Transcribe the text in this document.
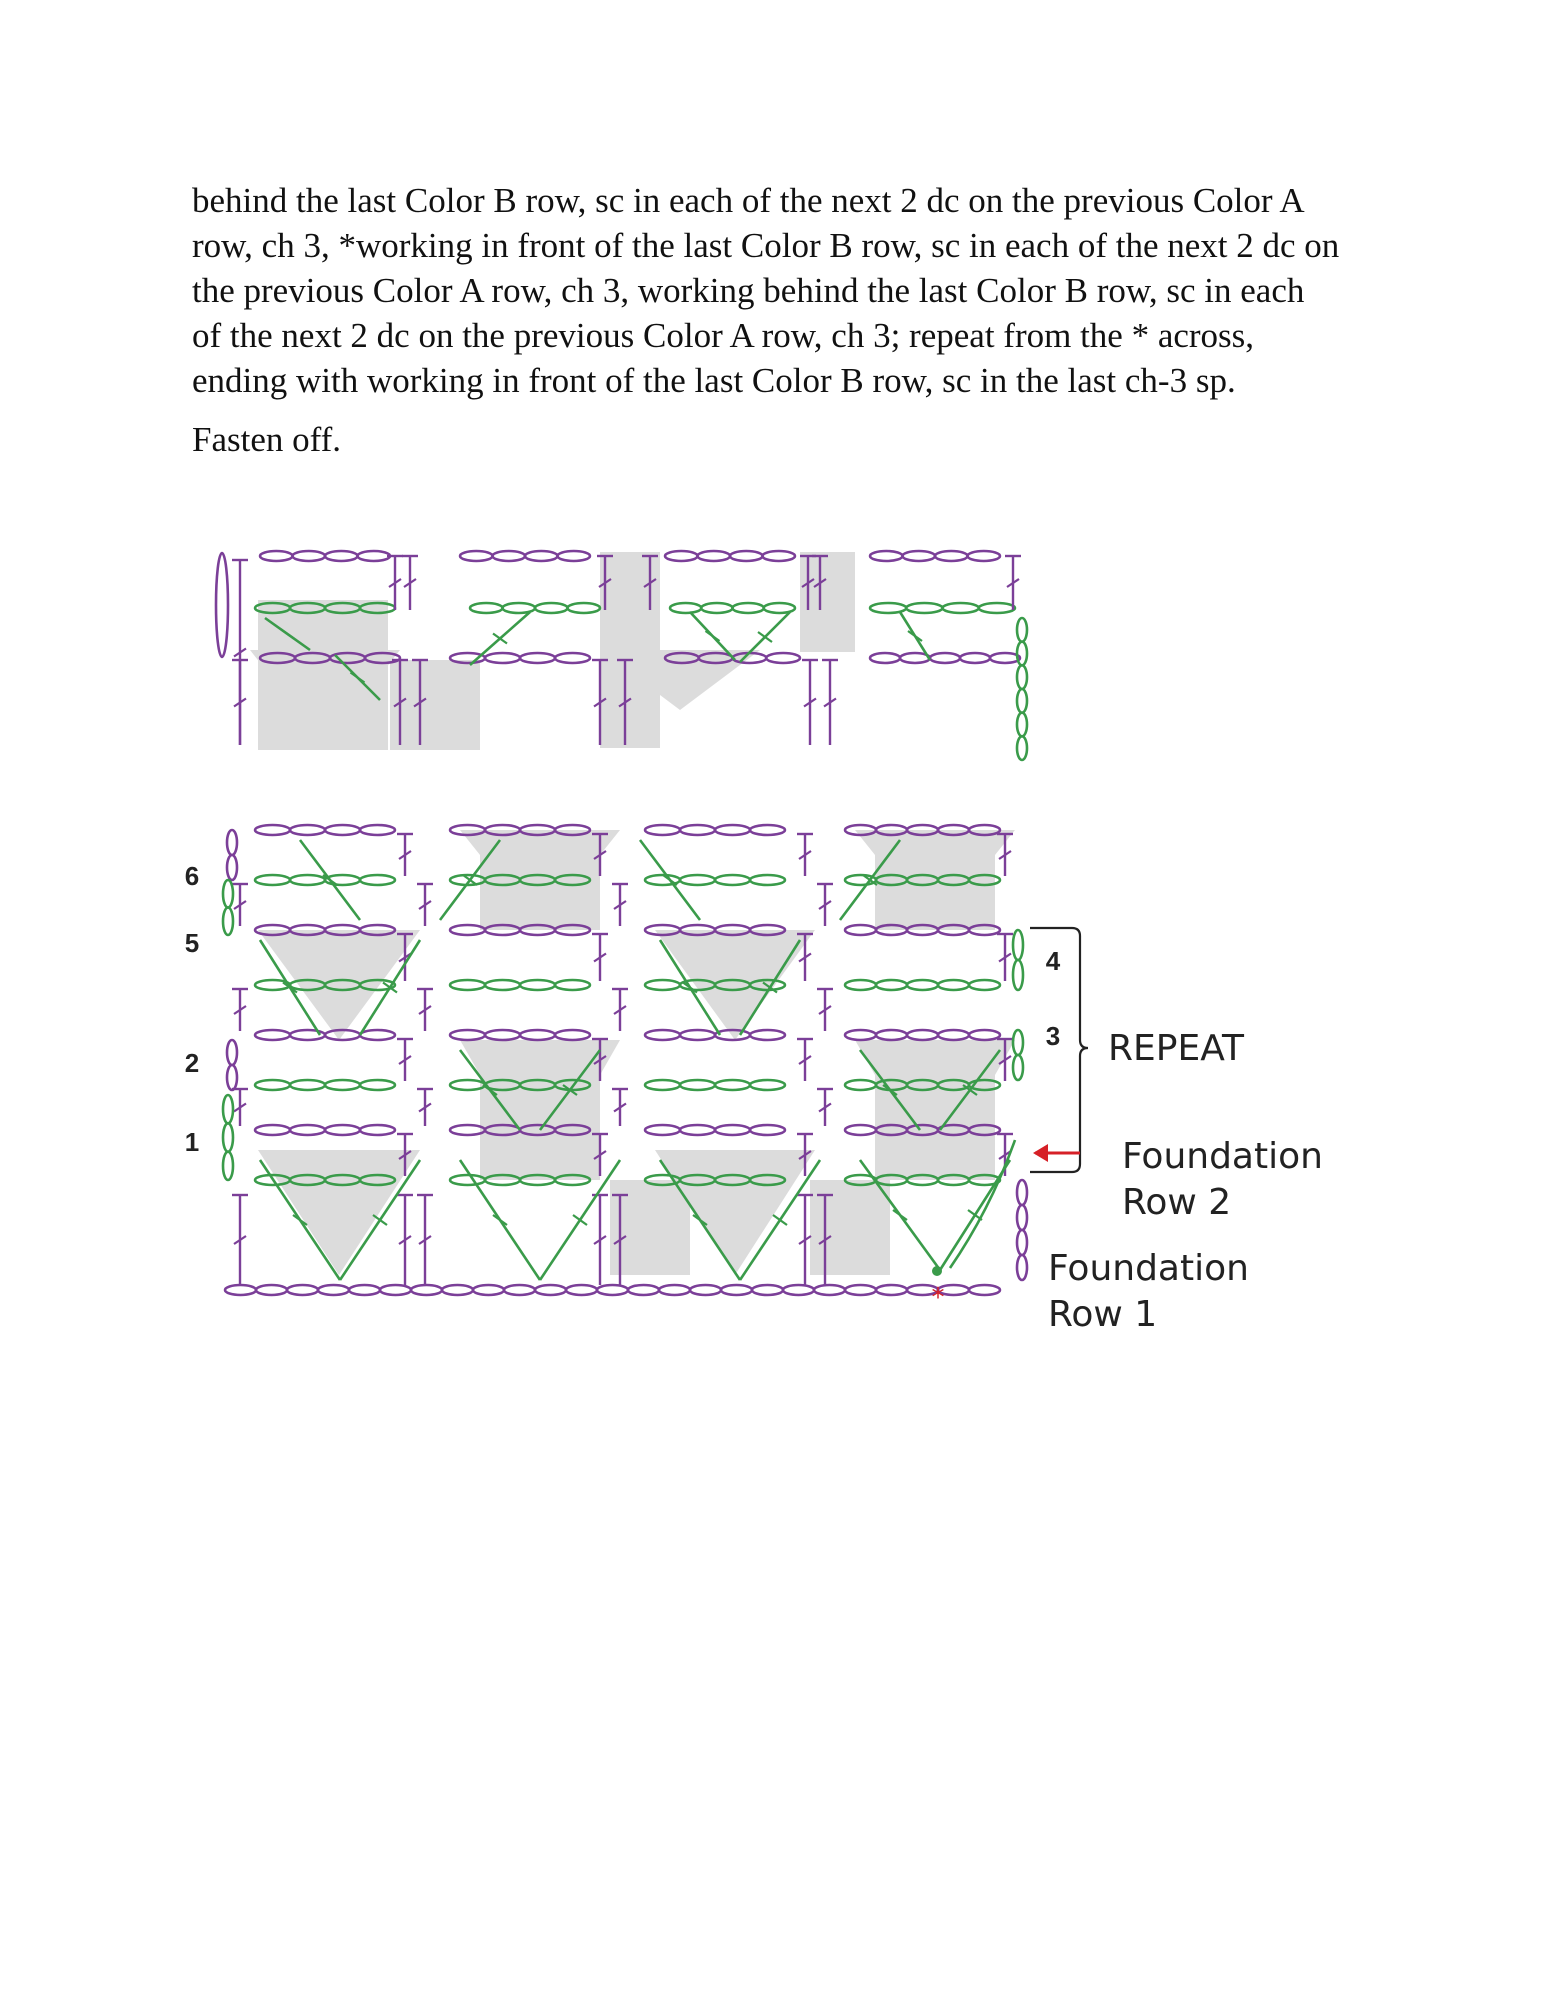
behind the last Color B row, sc in each of the next 2 dc on the previous Color A row, ch 3, *working in front of the last Color B row, sc in each of the next 2 dc on the previous Color A row, ch 3, working behind the last Color B row, sc in each of the next 2 dc on the previous Color A row, ch 3; repeat from the * across, ending with working in front of the last Color B row, sc in the last ch-3 sp.

Fasten off.

6
5
2
1
4
3 REPEAT
Foundation
Row 2
Foundation
Row 1
*
